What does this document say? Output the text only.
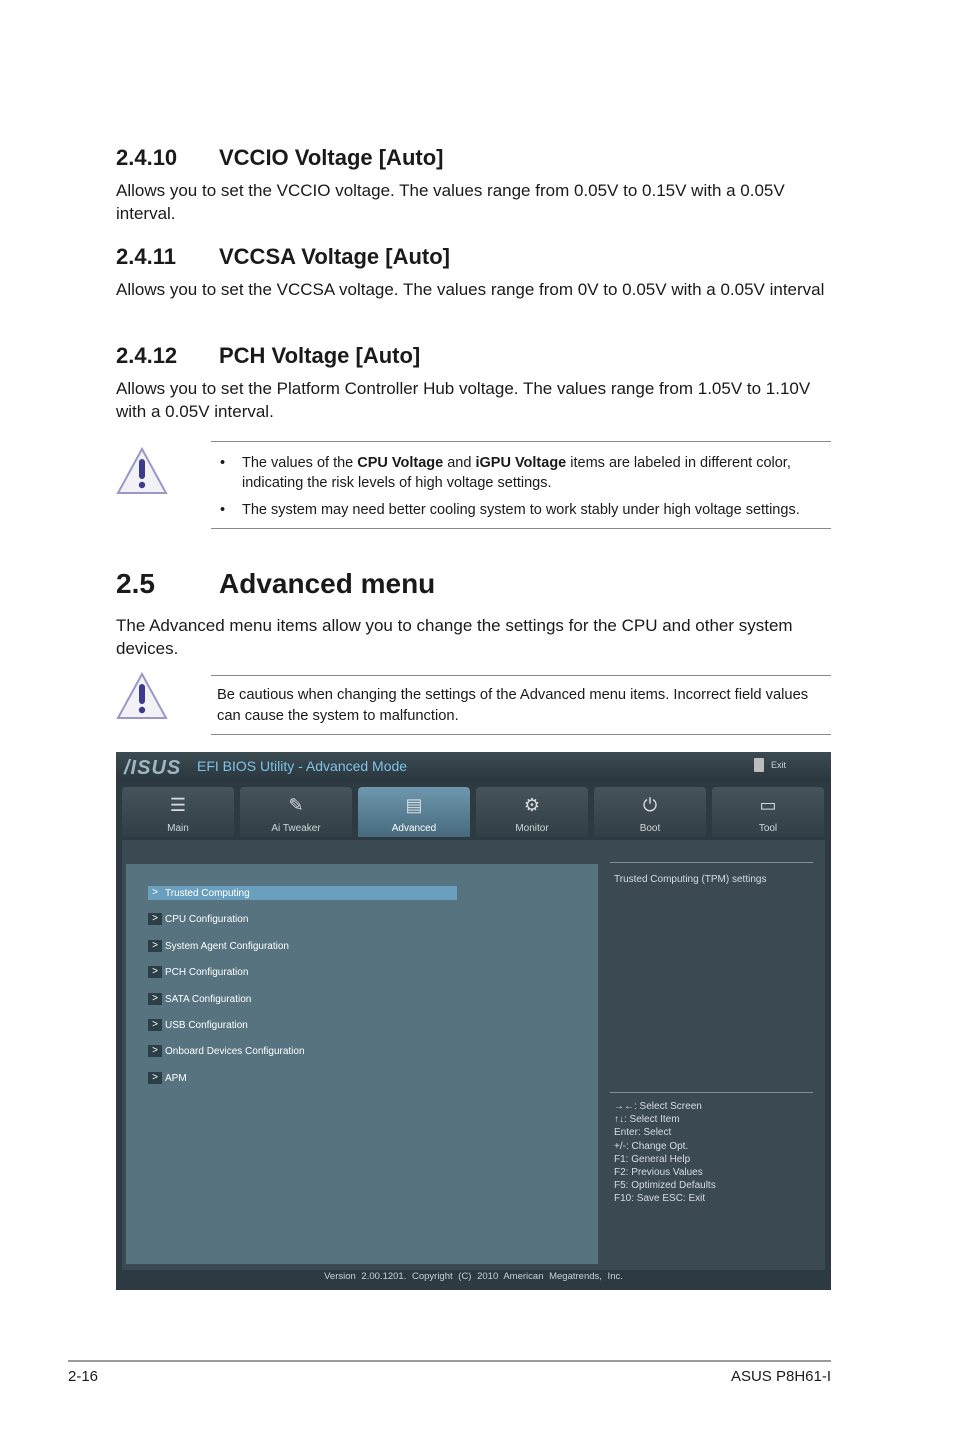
2.4.10 VCCIO Voltage [Auto]
Allows you to set the VCCIO voltage. The values range from 0.05V to 0.15V with a 0.05V interval.
2.4.11 VCCSA Voltage [Auto]
Allows you to set the VCCSA voltage. The values range from 0V to 0.05V with a 0.05V interval
2.4.12 PCH Voltage [Auto]
Allows you to set the Platform Controller Hub voltage. The values range from 1.05V to 1.10V with a 0.05V interval.
•	The values of the CPU Voltage and iGPU Voltage items are labeled in different color, indicating the risk levels of high voltage settings.
•	The system may need better cooling system to work stably under high voltage settings.
2.5 Advanced menu
The Advanced menu items allow you to change the settings for the CPU and other system devices.
Be cautious when changing the settings of the Advanced menu items. Incorrect field values can cause the system to malfunction.
/ISUS EFI BIOS Utility - Advanced Mode	Exit
☰
Main
✎
Ai Tweaker
▤
Advanced
⚙
Monitor
⏻
Boot
▭
Tool
> Trusted Computing
> CPU Configuration
> System Agent Configuration
> PCH Configuration
> SATA Configuration
> USB Configuration
> Onboard Devices Configuration
> APM
Trusted Computing (TPM) settings
→←: Select Screen
↑↓: Select Item
Enter: Select
+/-: Change Opt.
F1: General Help
F2: Previous Values
F5: Optimized Defaults
F10: Save ESC: Exit
Version 2.00.1201. Copyright (C) 2010 American Megatrends, Inc.
2-16	ASUS P8H61-I
